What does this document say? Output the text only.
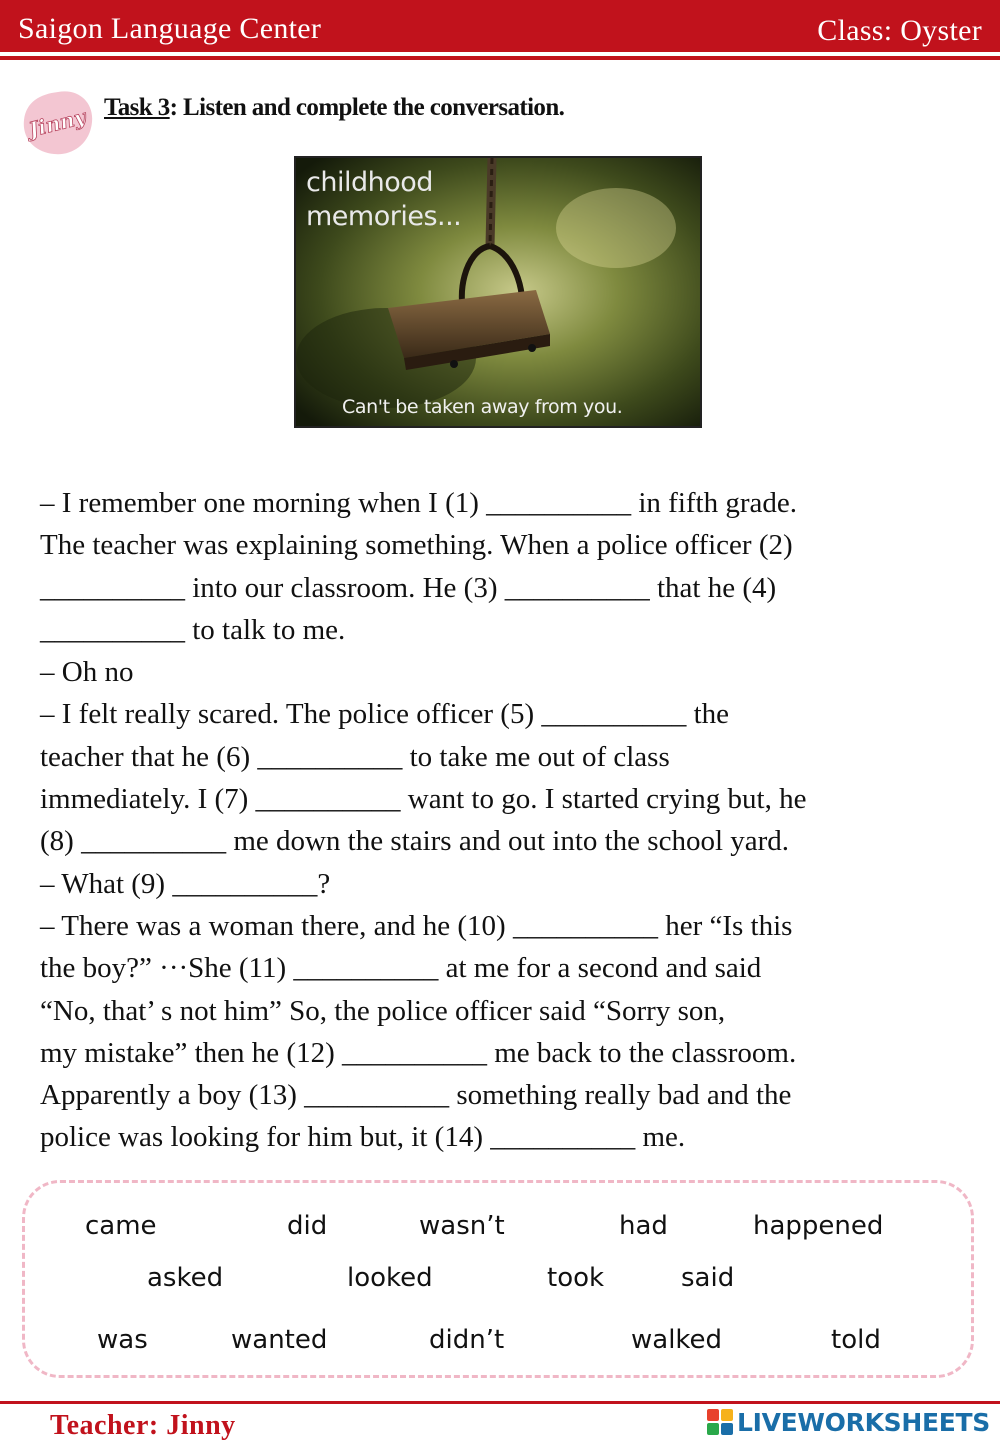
Saigon Language Center	Class: Oyster
Jinny Task 3: Listen and complete the conversation.
childhood
memories...
Can't be taken away from you.

– I remember one morning when I (1) __________ in fifth grade.

The teacher was explaining something. When a police officer (2)

__________ into our classroom. He (3) __________ that he (4)

__________ to talk to me.

– Oh no

– I felt really scared. The police officer (5) __________ the

teacher that he (6) __________ to take me out of class

immediately. I (7) __________ want to go. I started crying but, he

(8) __________ me down the stairs and out into the school yard.

– What (9) __________?

– There was a woman there, and he (10) __________ her “Is this

the boy?” ···She (11) __________ at me for a second and said

“No, that’ s not him” So, the police officer said “Sorry son,

my mistake” then he (12) __________ me back to the classroom.

Apparently a boy (13) __________ something really bad and the

police was looking for him but, it (14) __________ me.

came	did	wasn’t	had	happened
asked	looked	took	said
was	wanted	didn’t	walked	told
Teacher: Jinny	LIVEWORKSHEETS
